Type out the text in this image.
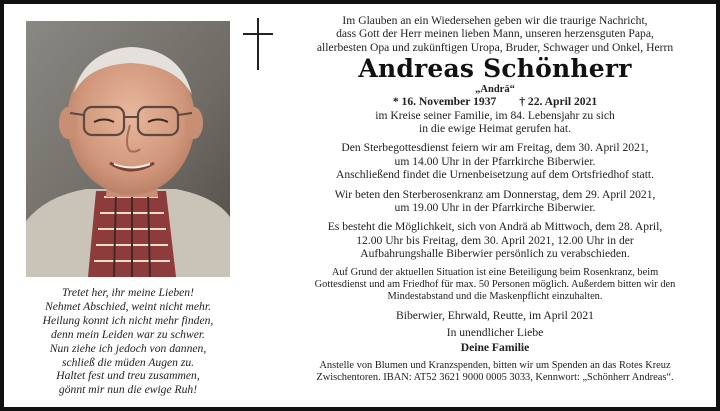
Tretet her, ihr meine Lieben!
Nehmet Abschied, weint nicht mehr.
Heilung konnt ich nicht mehr finden,
denn mein Leiden war zu schwer.
Nun ziehe ich jedoch von dannen,
schließ die müden Augen zu.
Haltet fest und treu zusammen,
gönnt mir nun die ewige Ruh!

Im Glauben an ein Wiedersehen geben wir die traurige Nachricht,

dass Gott der Herr meinen lieben Mann, unseren herzensguten Papa,

allerbesten Opa und zukünftigen Uropa, Bruder, Schwager und Onkel, Herrn

Andreas Schönherr

„Andrä“

* 16. November 1937 † 22. April 2021

im Kreise seiner Familie, im 84. Lebensjahr zu sich

in die ewige Heimat gerufen hat.

Den Sterbegottesdienst feiern wir am Freitag, dem 30. April 2021,

um 14.00 Uhr in der Pfarrkirche Biberwier.

Anschließend findet die Urnenbeisetzung auf dem Ortsfriedhof statt.

Wir beten den Sterberosenkranz am Donnerstag, dem 29. April 2021,

um 19.00 Uhr in der Pfarrkirche Biberwier.

Es besteht die Möglichkeit, sich von Andrä ab Mittwoch, dem 28. April,

12.00 Uhr bis Freitag, dem 30. April 2021, 12.00 Uhr in der

Aufbahrungshalle Biberwier persönlich zu verabschieden.

Auf Grund der aktuellen Situation ist eine Beteiligung beim Rosenkranz, beim

Gottesdienst und am Friedhof für max. 50 Personen möglich. Außerdem bitten wir den

Mindestabstand und die Maskenpflicht einzuhalten.

Biberwier, Ehrwald, Reutte, im April 2021

In unendlicher Liebe

Deine Familie

Anstelle von Blumen und Kranzspenden, bitten wir um Spenden an das Rotes Kreuz

Zwischentoren. IBAN: AT52 3621 9000 0005 3033, Kennwort: „Schönherr Andreas“.
